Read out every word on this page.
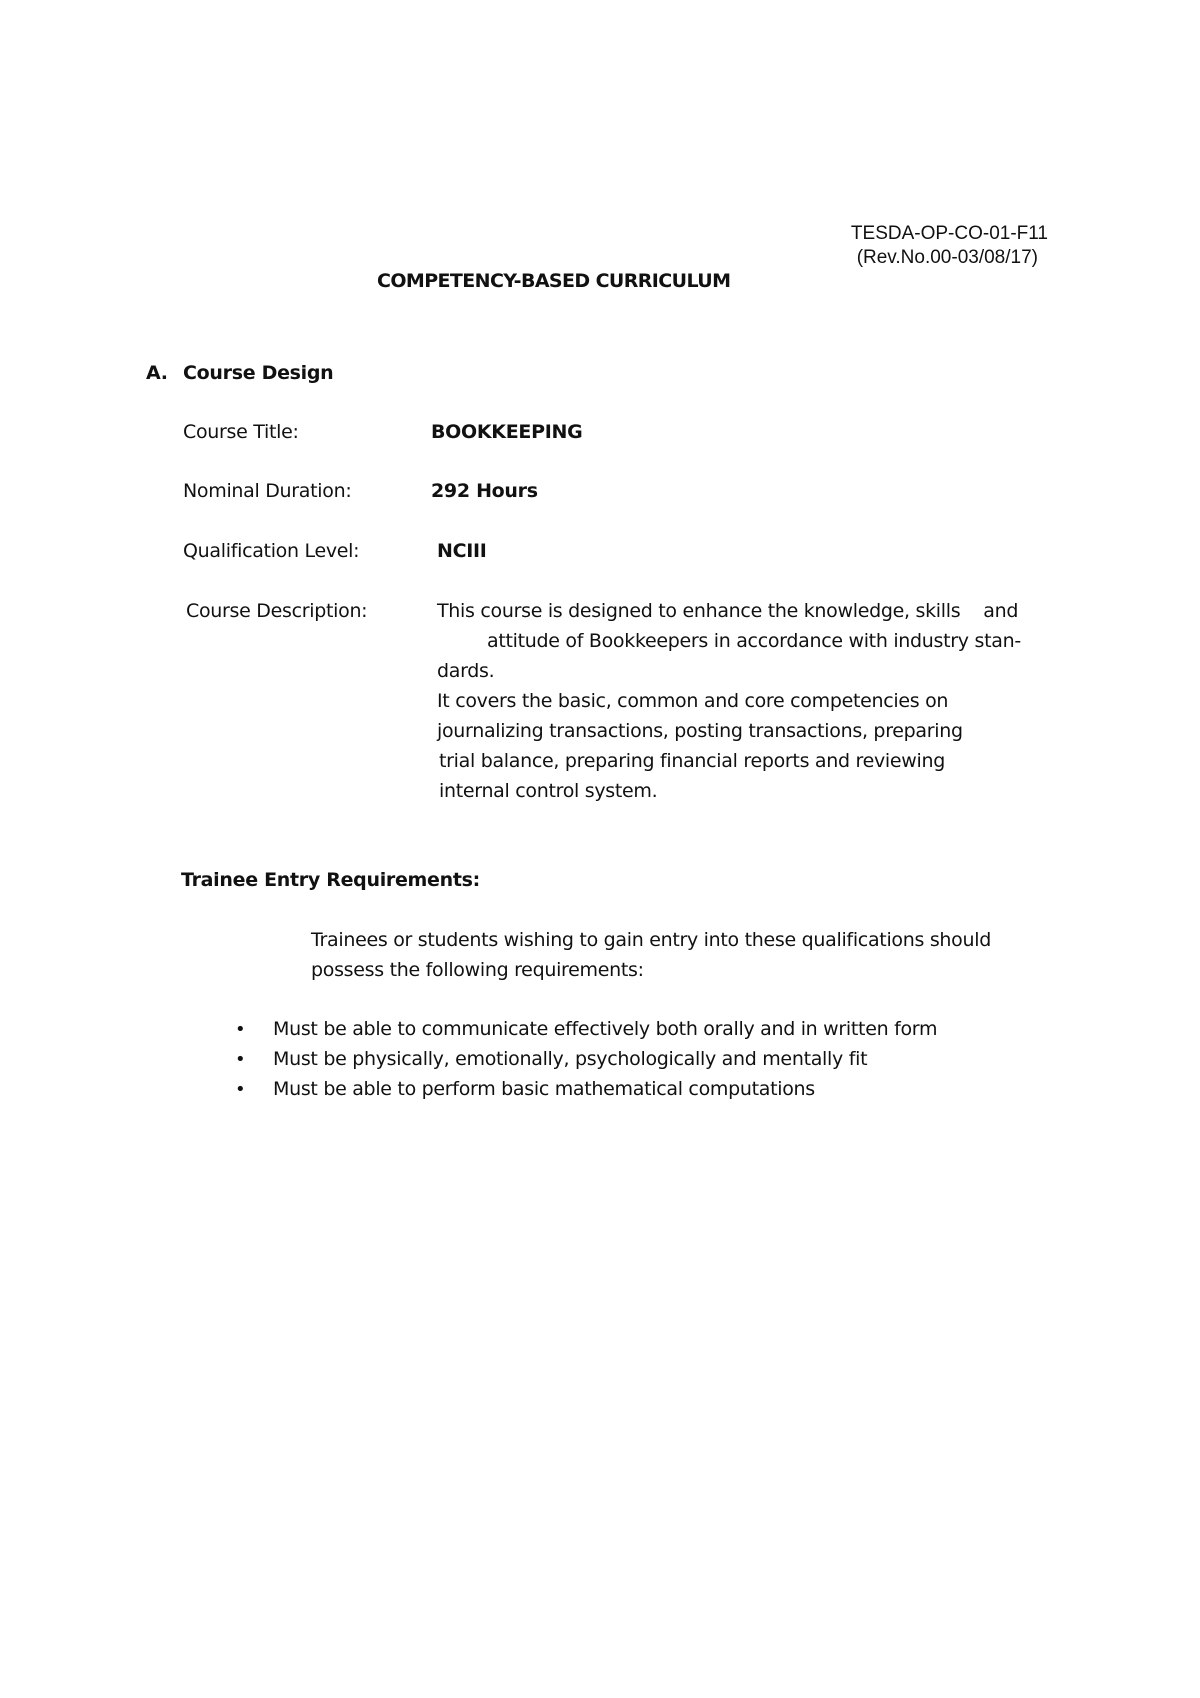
TESDA-OP-CO-01-F11
(Rev.No.00-03/08/17)
COMPETENCY-BASED CURRICULUM
A. Course Design
Course Title:	BOOKKEEPING
Nominal Duration:	292 Hours
Qualification Level:	NCIII
Course Description:	This course is designed to enhance the knowledge, skills    and
attitude of Bookkeepers in accordance with industry stan-
dards.
It covers the basic, common and core competencies on
journalizing transactions, posting transactions, preparing
trial balance, preparing financial reports and reviewing
internal control system.
Trainee Entry Requirements:
Trainees or students wishing to gain entry into these qualifications should
possess the following requirements:
• Must be able to communicate effectively both orally and in written form
• Must be physically, emotionally, psychologically and mentally fit
• Must be able to perform basic mathematical computations
